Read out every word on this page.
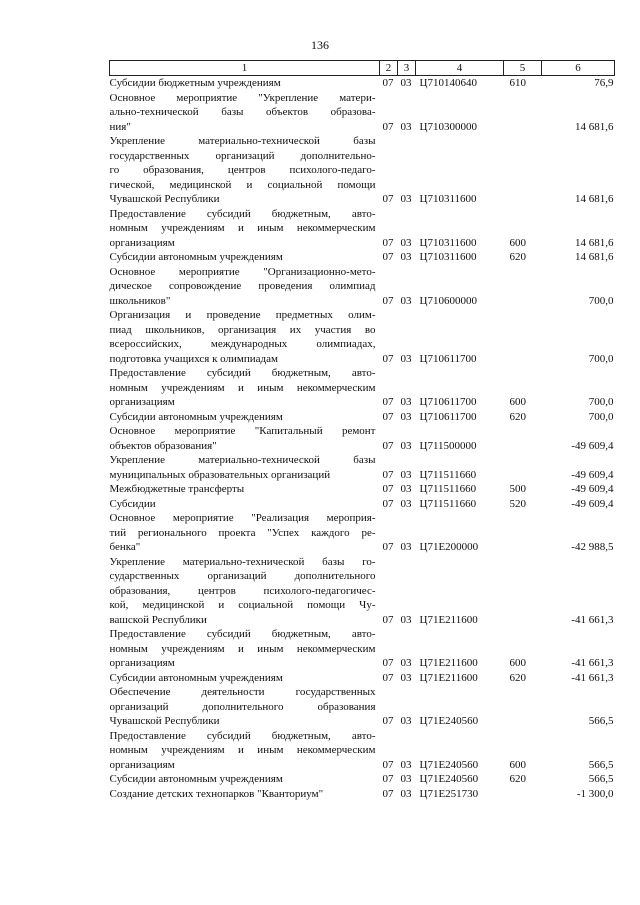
136
1	2	3	4	5	6

Субсидии бюджетным учреждениям	07	03	Ц710140640	610	76,9

Основное мероприятие "Укрепление матери-
ально-технической базы объектов образова-
ния"	07	03	Ц710300000		14 681,6

Укрепление материально-технической базы
государственных организаций дополнительно-
го образования, центров психолого-педаго-
гической, медицинской и социальной помощи
Чувашской Республики	07	03	Ц710311600		14 681,6

Предоставление субсидий бюджетным, авто-
номным учреждениям и иным некоммерческим
организациям	07	03	Ц710311600	600	14 681,6

Субсидии автономным учреждениям	07	03	Ц710311600	620	14 681,6

Основное мероприятие "Организационно-мето-
дическое сопровождение проведения олимпиад
школьников"	07	03	Ц710600000		700,0

Организация и проведение предметных олим-
пиад школьников, организация их участия во
всероссийских, международных олимпиадах,
подготовка учащихся к олимпиадам	07	03	Ц710611700		700,0

Предоставление субсидий бюджетным, авто-
номным учреждениям и иным некоммерческим
организациям	07	03	Ц710611700	600	700,0

Субсидии автономным учреждениям	07	03	Ц710611700	620	700,0

Основное мероприятие "Капитальный ремонт
объектов образования"	07	03	Ц711500000		-49 609,4

Укрепление материально-технической базы
муниципальных образовательных организаций	07	03	Ц711511660		-49 609,4

Межбюджетные трансферты	07	03	Ц711511660	500	-49 609,4

Субсидии	07	03	Ц711511660	520	-49 609,4

Основное мероприятие "Реализация мероприя-
тий регионального проекта "Успех каждого ре-
бенка"	07	03	Ц71Е200000		-42 988,5

Укрепление материально-технической базы го-
сударственных организаций дополнительного
образования, центров психолого-педагогичес-
кой, медицинской и социальной помощи Чу-
вашской Республики	07	03	Ц71Е211600		-41 661,3

Предоставление субсидий бюджетным, авто-
номным учреждениям и иным некоммерческим
организациям	07	03	Ц71Е211600	600	-41 661,3

Субсидии автономным учреждениям	07	03	Ц71Е211600	620	-41 661,3

Обеспечение деятельности государственных
организаций дополнительного образования
Чувашской Республики	07	03	Ц71Е240560		566,5

Предоставление субсидий бюджетным, авто-
номным учреждениям и иным некоммерческим
организациям	07	03	Ц71Е240560	600	566,5

Субсидии автономным учреждениям	07	03	Ц71Е240560	620	566,5

Создание детских технопарков "Кванториум"	07	03	Ц71Е251730		-1 300,0
